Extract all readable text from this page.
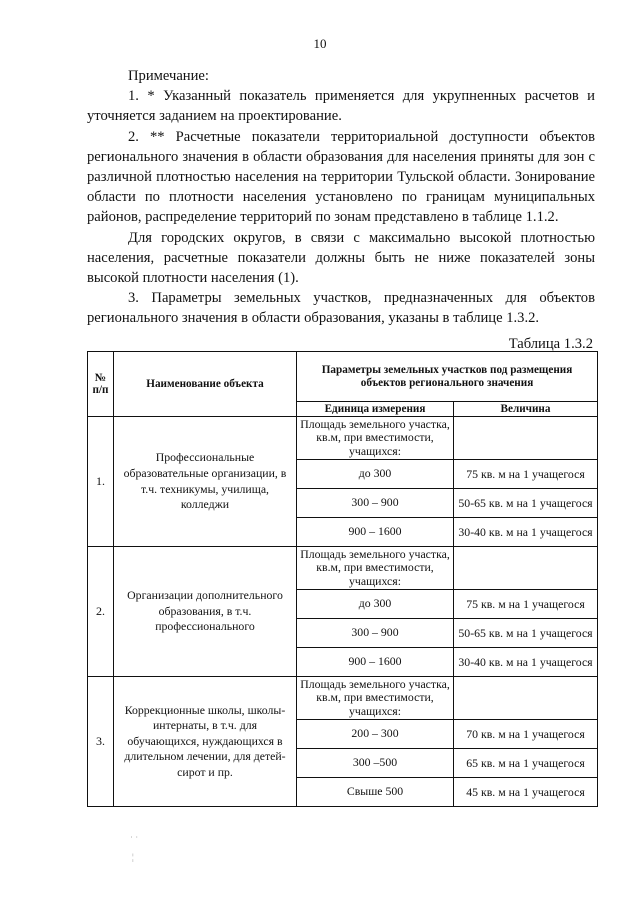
10

Примечание:

1. * Указанный показатель применяется для укрупненных расчетов и уточняется заданием на проектирование.

2. ** Расчетные показатели территориальной доступности объектов регионального значения в области образования для населения приняты для зон с различной плотностью населения на территории Тульской области. Зонирование области по плотности населения установлено по границам муниципальных районов, распределение территорий по зонам представлено в таблице 1.1.2.

Для городских округов, в связи с максимально высокой плотностью населения, расчетные показатели должны быть не ниже показателей зоны высокой плотности населения (1).

3. Параметры земельных участков, предназначенных для объектов регионального значения в области образования, указаны в таблице 1.3.2.

Таблица 1.3.2
№ п/п	Наименование объекта	Параметры земельных участков под размещения объектов регионального значения	
		Единица измерения	Величина
1.	Профессиональные образовательные организации, в т.ч. техникумы, училища, колледжи	Площадь земельного участка, кв.м, при вместимости, учащихся:	
		до 300	75 кв. м на 1 учащегося
		300 – 900	50-65 кв. м на 1 учащегося
		900 – 1600	30-40 кв. м на 1 учащегося
2.	Организации дополнительного образования, в т.ч. профессионального	Площадь земельного участка, кв.м, при вместимости, учащихся:	
		до 300	75 кв. м на 1 учащегося
		300 – 900	50-65 кв. м на 1 учащегося
		900 – 1600	30-40 кв. м на 1 учащегося
3.	Коррекционные школы, школы-интернаты, в т.ч. для обучающихся, нуждающихся в длительном лечении, для детей-сирот и пр.	Площадь земельного участка, кв.м, при вместимости, учащихся:	
		200 – 300	70 кв. м на 1 учащегося
		300 –500	65 кв. м на 1 учащегося
		Свыше 500	45 кв. м на 1 учащегося
˙ ˙
¦
